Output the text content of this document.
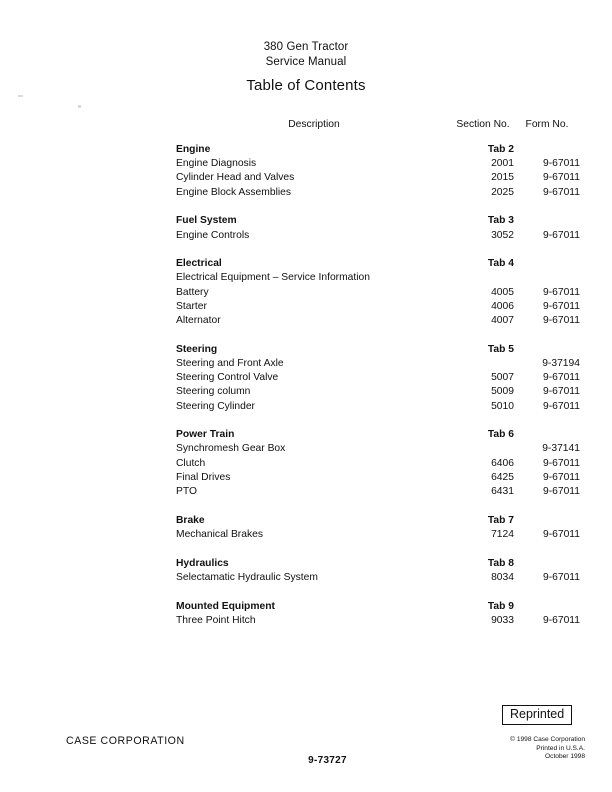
380 Gen Tractor
Service Manual
Table of Contents
Description	Section No.	Form No.
Engine	Tab 2	
Engine Diagnosis	2001	9-67011
Cylinder Head and Valves	2015	9-67011
Engine Block Assemblies	2025	9-67011

Fuel System	Tab 3	
Engine Controls	3052	9-67011

Electrical	Tab 4	
Electrical Equipment – Service Information		
Battery	4005	9-67011
Starter	4006	9-67011
Alternator	4007	9-67011

Steering	Tab 5	
Steering and Front Axle		9-37194
Steering Control Valve	5007	9-67011
Steering column	5009	9-67011
Steering Cylinder	5010	9-67011

Power Train	Tab 6	
Synchromesh Gear Box		9-37141
Clutch	6406	9-67011
Final Drives	6425	9-67011
PTO	6431	9-67011

Brake	Tab 7	
Mechanical Brakes	7124	9-67011

Hydraulics	Tab 8	
Selectamatic Hydraulic System	8034	9-67011

Mounted Equipment	Tab 9	
Three Point Hitch	9033	9-67011
Reprinted
CASE CORPORATION	© 1998 Case Corporation
Printed in U.S.A.
October 1998
9-73727
